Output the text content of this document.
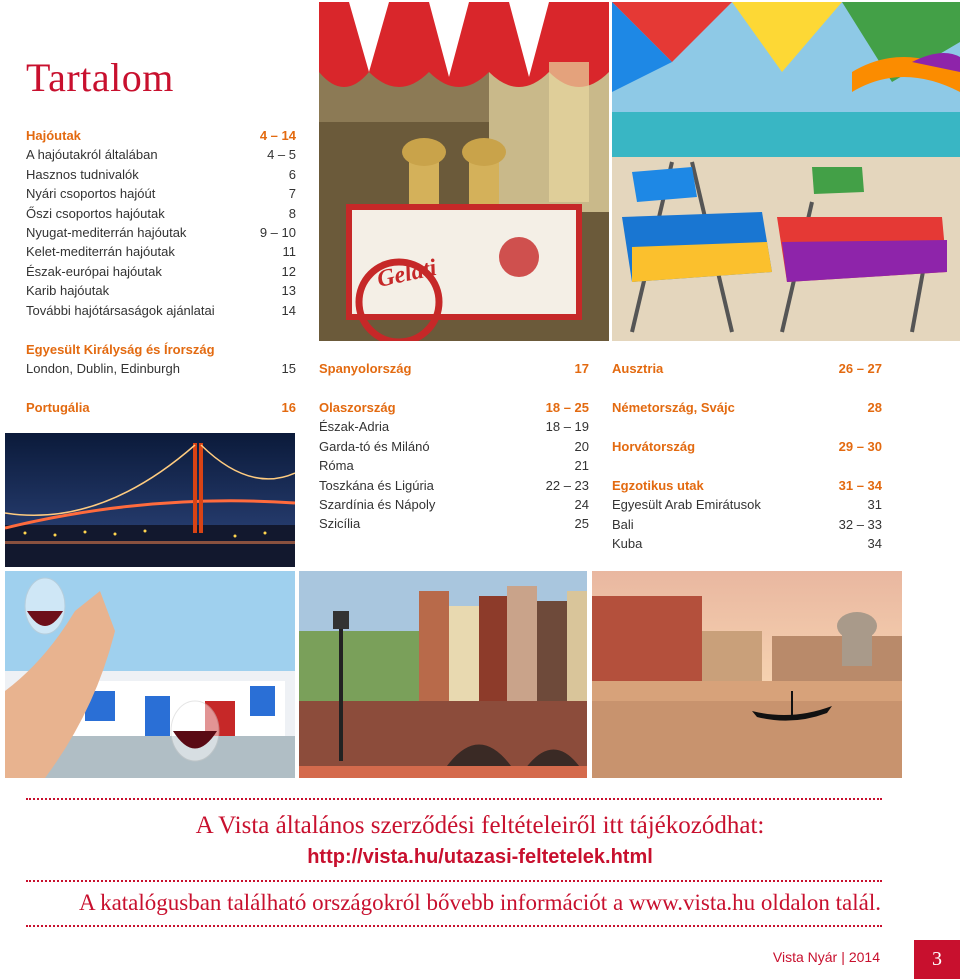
Tartalom
Hajóutak	4 – 14
A hajóutakról általában	4 – 5
Hasznos tudnivalók	6
Nyári csoportos hajóút	7
Őszi csoportos hajóutak	8
Nyugat-mediterrán hajóutak	9 – 10
Kelet-mediterrán hajóutak	11
Észak-európai hajóutak	12
Karib hajóutak	13
További hajótársaságok ajánlatai	14
Egyesült Királyság és Írország
London, Dublin, Edinburgh	15
Portugália	16
Spanyolország	17
Olaszország	18 – 25
Észak-Adria	18 – 19
Garda-tó és Milánó	20
Róma	21
Toszkána és Ligúria	22 – 23
Szardínia és Nápoly	24
Szicília	25
Ausztria	26 – 27
Németország, Svájc	28
Horvátország	29 – 30
Egzotikus utak	31 – 34
Egyesült Arab Emirátusok	31
Bali	32 – 33
Kuba	34
Gelati
A Vista általános szerződési feltételeiről itt tájékozódhat:
http://vista.hu/utazasi-feltetelek.html
A katalógusban található országokról bővebb információt a www.vista.hu oldalon talál.
Vista Nyár | 2014	3
